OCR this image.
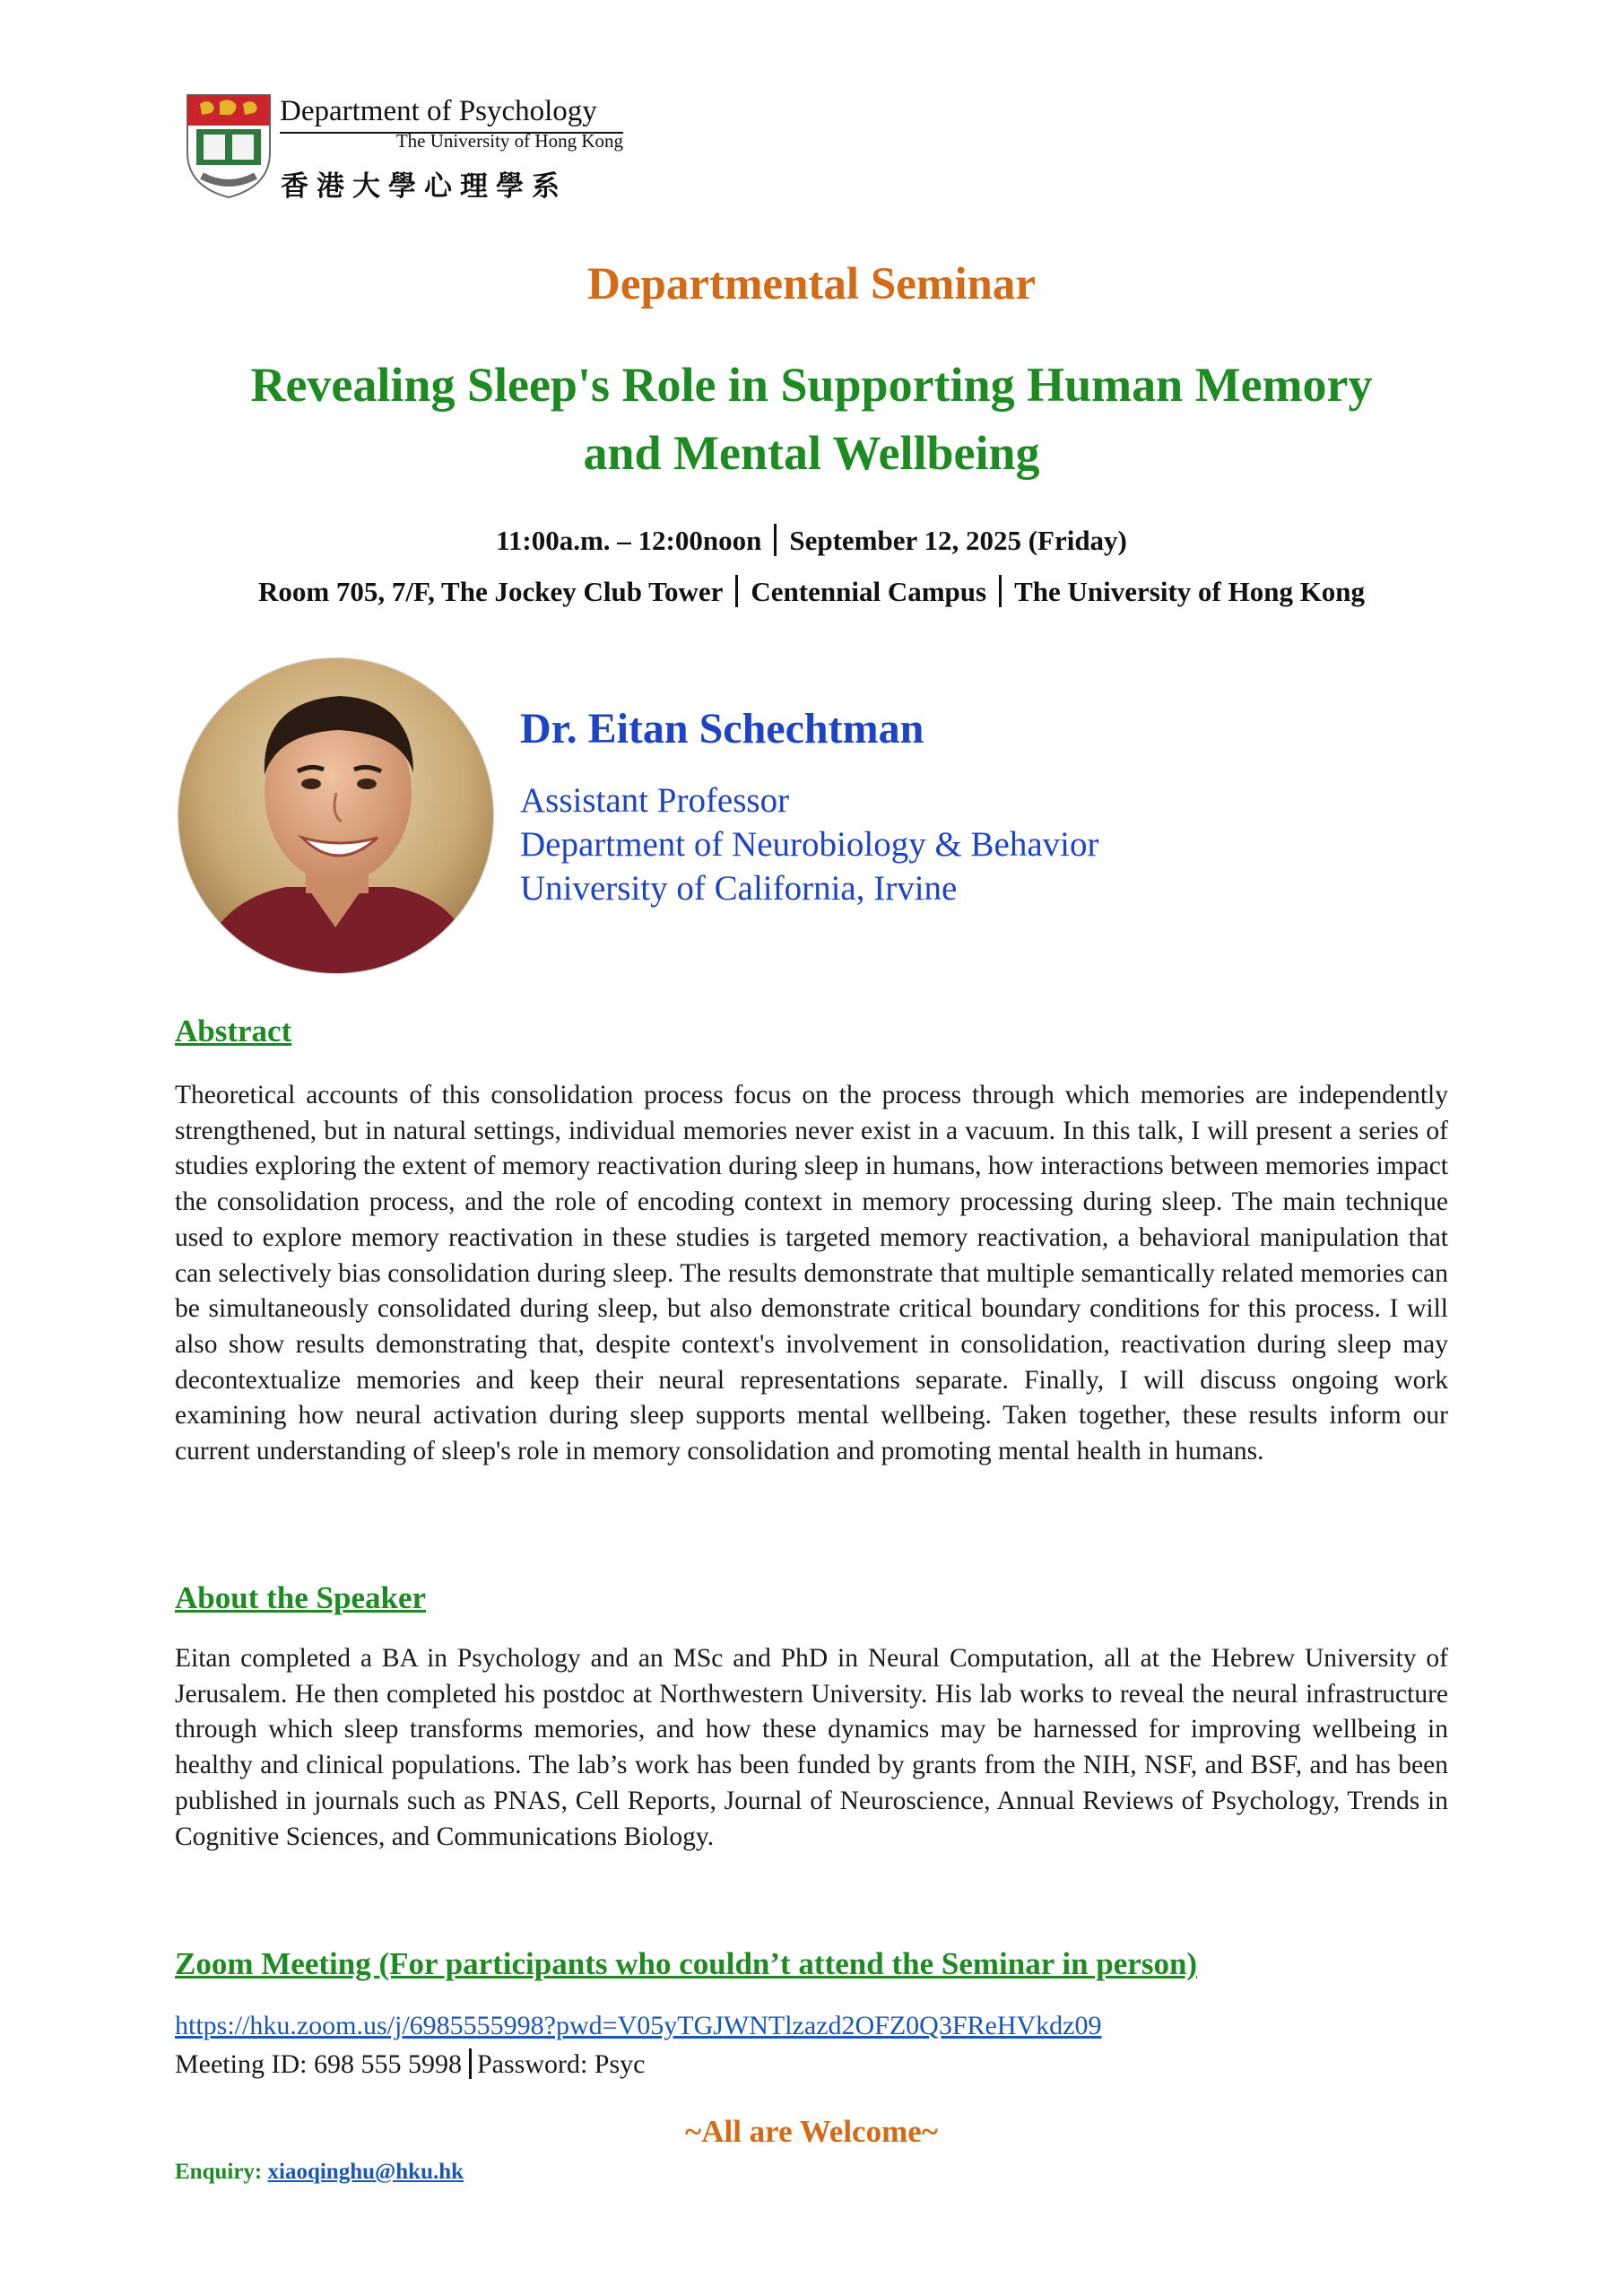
Department of Psychology
The University of Hong Kong
香港大學心理學系
Departmental Seminar
Revealing Sleep's Role in Supporting Human Memory
and Mental Wellbeing
11:00a.m. – 12:00noon September 12, 2025 (Friday)
Room 705, 7/F, The Jockey Club Tower Centennial Campus The University of Hong Kong
Dr. Eitan Schechtman
Assistant Professor
Department of Neurobiology & Behavior
University of California, Irvine
Abstract
Theoretical accounts of this consolidation process focus on the process through which memories are independently strengthened, but in natural settings, individual memories never exist in a vacuum. In this talk, I will present a series of studies exploring the extent of memory reactivation during sleep in humans, how interactions between memories impact the consolidation process, and the role of encoding context in memory processing during sleep. The main technique used to explore memory reactivation in these studies is targeted memory reactivation, a behavioral manipulation that can selectively bias consolidation during sleep. The results demonstrate that multiple semantically related memories can be simultaneously consolidated during sleep, but also demonstrate critical boundary conditions for this process. I will also show results demonstrating that, despite context's involvement in consolidation, reactivation during sleep may decontextualize memories and keep their neural representations separate. Finally, I will discuss ongoing work examining how neural activation during sleep supports mental wellbeing. Taken together, these results inform our current understanding of sleep's role in memory consolidation and promoting mental health in humans.
About the Speaker
Eitan completed a BA in Psychology and an MSc and PhD in Neural Computation, all at the Hebrew University of Jerusalem. He then completed his postdoc at Northwestern University. His lab works to reveal the neural infrastructure through which sleep transforms memories, and how these dynamics may be harnessed for improving wellbeing in healthy and clinical populations. The lab’s work has been funded by grants from the NIH, NSF, and BSF, and has been published in journals such as PNAS, Cell Reports, Journal of Neuroscience, Annual Reviews of Psychology, Trends in Cognitive Sciences, and Communications Biology.
Zoom Meeting (For participants who couldn’t attend the Seminar in person)
https://hku.zoom.us/j/6985555998?pwd=V05yTGJWNTlzazd2OFZ0Q3FReHVkdz09
Meeting ID: 698 555 5998 Password: Psyc
~All are Welcome~
Enquiry: xiaoqinghu@hku.hk
